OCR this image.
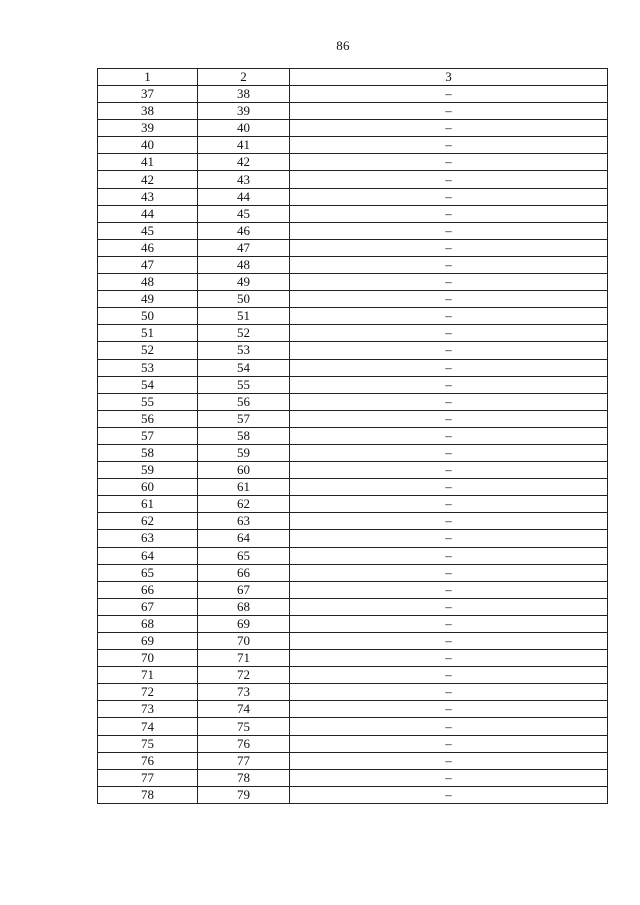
86
1	2	3
37	38	–
38	39	–
39	40	–
40	41	–
41	42	–
42	43	–
43	44	–
44	45	–
45	46	–
46	47	–
47	48	–
48	49	–
49	50	–
50	51	–
51	52	–
52	53	–
53	54	–
54	55	–
55	56	–
56	57	–
57	58	–
58	59	–
59	60	–
60	61	–
61	62	–
62	63	–
63	64	–
64	65	–
65	66	–
66	67	–
67	68	–
68	69	–
69	70	–
70	71	–
71	72	–
72	73	–
73	74	–
74	75	–
75	76	–
76	77	–
77	78	–
78	79	–
